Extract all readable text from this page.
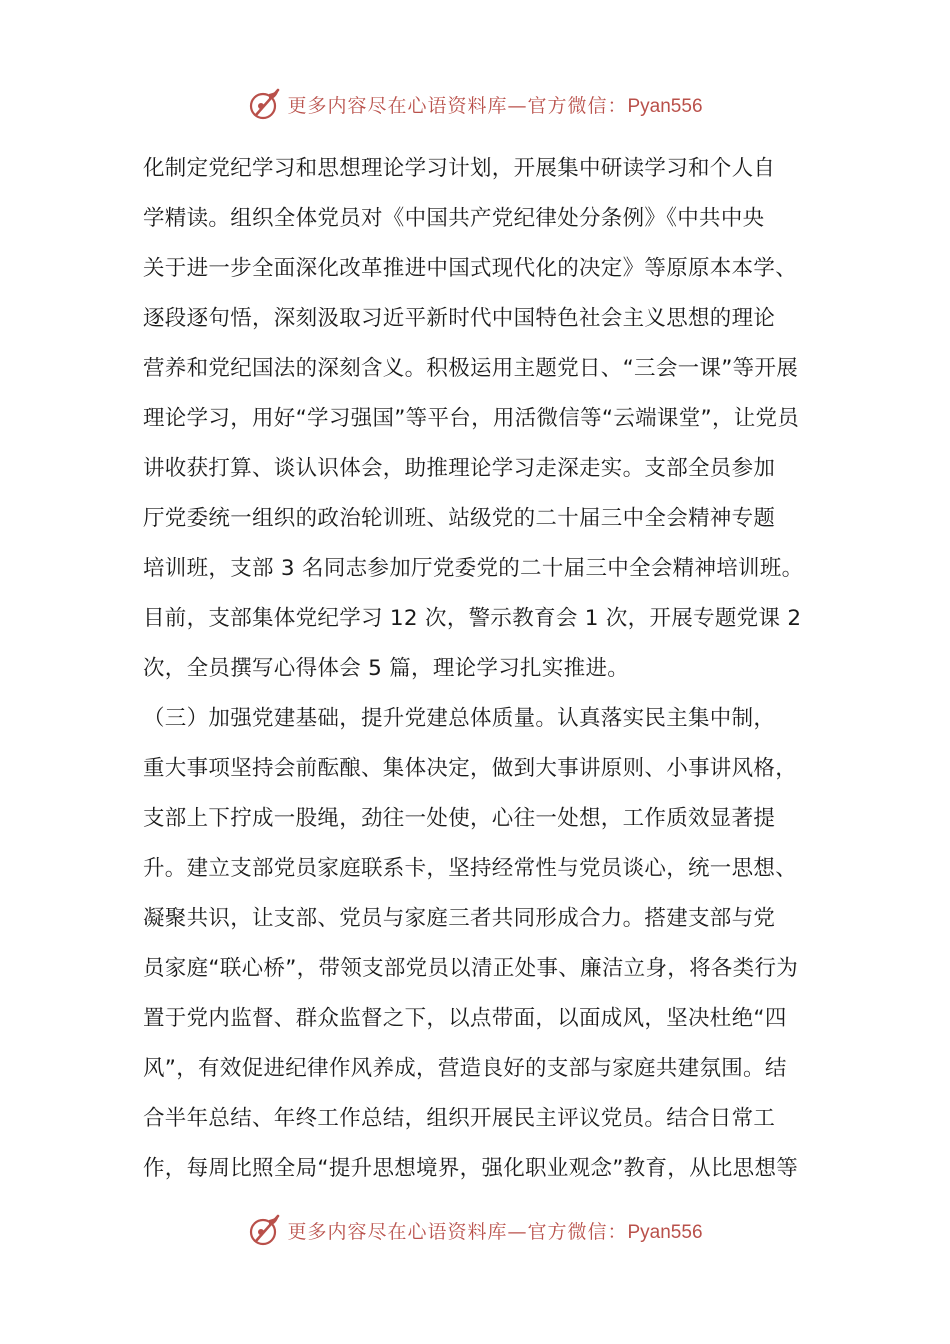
更多内容尽在心语资料库—官方微信：Pyan556
化制定党纪学习和思想理论学习计划，开展集中研读学习和个人自
学精读。组织全体党员对《中国共产党纪律处分条例》《中共中央
关于进一步全面深化改革推进中国式现代化的决定》等原原本本学、
逐段逐句悟，深刻汲取习近平新时代中国特色社会主义思想的理论
营养和党纪国法的深刻含义。积极运用主题党日、“三会一课”等开展
理论学习，用好“学习强国”等平台，用活微信等“云端课堂”，让党员
讲收获打算、谈认识体会，助推理论学习走深走实。支部全员参加
厅党委统一组织的政治轮训班、站级党的二十届三中全会精神专题
培训班，支部 3 名同志参加厅党委党的二十届三中全会精神培训班。
目前，支部集体党纪学习 12 次，警示教育会 1 次，开展专题党课 2
次，全员撰写心得体会 5 篇，理论学习扎实推进。
（三）加强党建基础，提升党建总体质量。认真落实民主集中制，
重大事项坚持会前酝酿、集体决定，做到大事讲原则、小事讲风格，
支部上下拧成一股绳，劲往一处使，心往一处想，工作质效显著提
升。建立支部党员家庭联系卡，坚持经常性与党员谈心，统一思想、
凝聚共识，让支部、党员与家庭三者共同形成合力。搭建支部与党
员家庭“联心桥”，带领支部党员以清正处事、廉洁立身，将各类行为
置于党内监督、群众监督之下，以点带面，以面成风，坚决杜绝“四
风”，有效促进纪律作风养成，营造良好的支部与家庭共建氛围。结
合半年总结、年终工作总结，组织开展民主评议党员。结合日常工
作，每周比照全局“提升思想境界，强化职业观念”教育，从比思想等
更多内容尽在心语资料库—官方微信：Pyan556
